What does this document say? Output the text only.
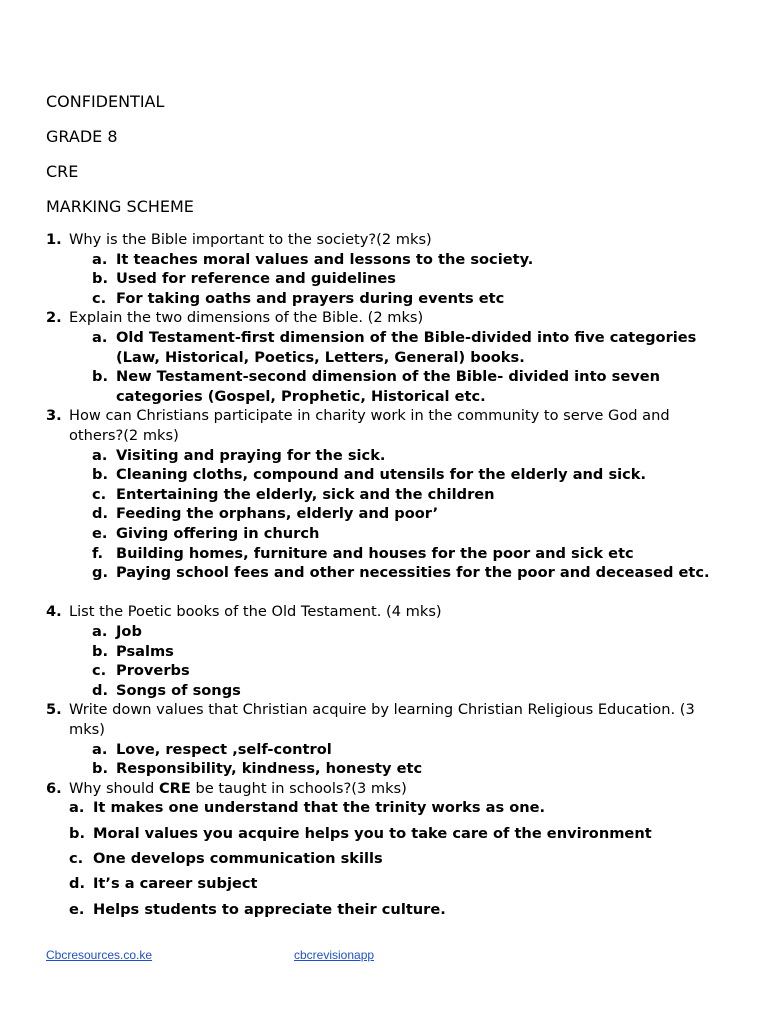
CONFIDENTIAL
GRADE 8
CRE
MARKING SCHEME
1. Why is the Bible important to the society?(2 mks)
a. It teaches moral values and lessons to the society.
b. Used for reference and guidelines
c. For taking oaths and prayers during events etc
2. Explain the two dimensions of the Bible. (2 mks)
a. Old Testament-first dimension of the Bible-divided into five categories (Law, Historical, Poetics, Letters, General) books.
b. New Testament-second dimension of the Bible- divided into seven categories (Gospel, Prophetic, Historical etc.
3. How can Christians participate in charity work in the community to serve God and others?(2 mks)
a. Visiting and praying for the sick.
b. Cleaning cloths, compound and utensils for the elderly and sick.
c. Entertaining the elderly, sick and the children
d. Feeding the orphans, elderly and poor’
e. Giving offering in church
f. Building homes, furniture and houses for the poor and sick etc
g. Paying school fees and other necessities for the poor and deceased etc.
4. List the Poetic books of the Old Testament. (4 mks)
a. Job
b. Psalms
c. Proverbs
d. Songs of songs
5. Write down values that Christian acquire by learning Christian Religious Education. (3 mks)
a. Love, respect ,self-control
b. Responsibility, kindness, honesty etc
6. Why should CRE be taught in schools?(3 mks)
a. It makes one understand that the trinity works as one.
b. Moral values you acquire helps you to take care of the environment
c. One develops communication skills
d. It’s a career subject
e. Helps students to appreciate their culture.
Cbcresources.co.ke	cbcrevisionapp
